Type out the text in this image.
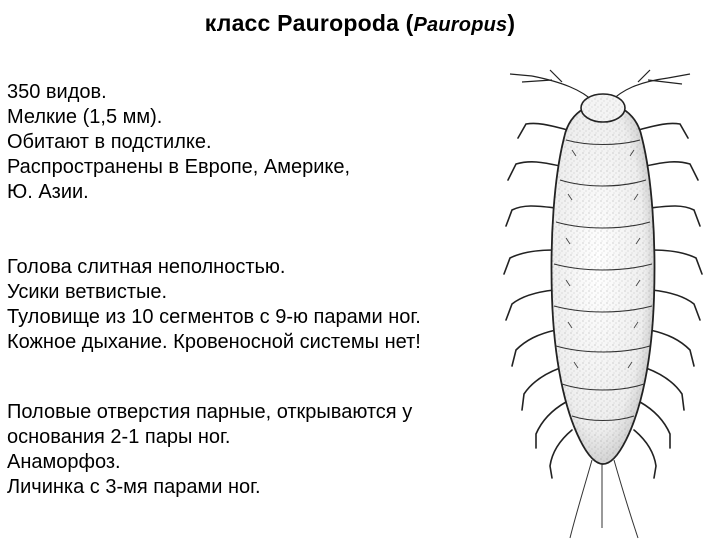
класс Pauropoda (Pauropus)
350 видов.
Мелкие (1,5 мм).
Обитают в подстилке.
Распространены в Европе, Америке,
Ю. Азии.
Голова слитная неполностью.
Усики ветвистые.
Туловище из 10 сегментов с 9-ю парами ног.
Кожное дыхание. Кровеносной системы нет!
Половые отверстия парные, открываются у
основания 2-1 пары ног.
Анаморфоз.
Личинка с 3-мя парами ног.
